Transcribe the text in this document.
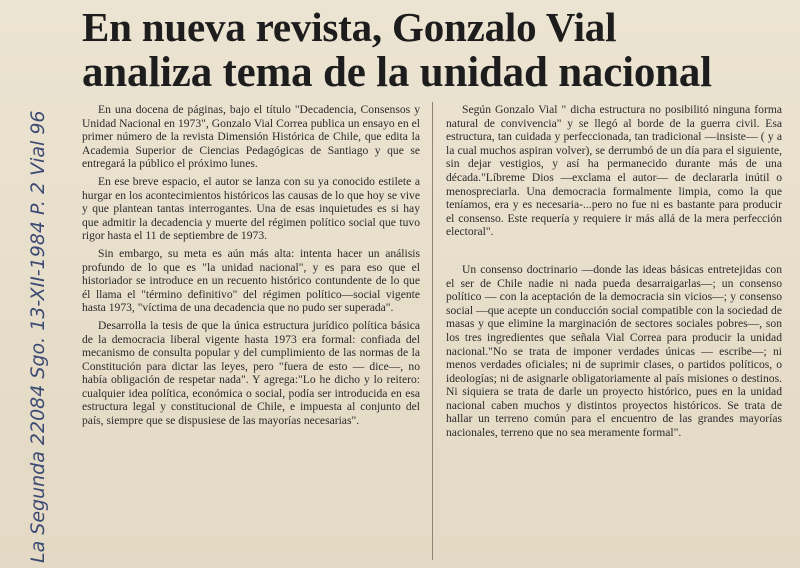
En nueva revista, Gonzalo Vial
analiza tema de la unidad nacional
La Segunda 22084 Sgo. 13-XII-1984 P. 2 Vial 96

En una docena de páginas, bajo el título "Decadencia, Consensos y Unidad Nacional en 1973", Gonzalo Vial Correa publica un ensayo en el primer número de la revista Dimensión Histórica de Chile, que edita la Academia Superior de Ciencias Pedagógicas de Santiago y que se entregará la público el próximo lunes.

En ese breve espacio, el autor se lanza con su ya conocido estilete a hurgar en los acontecimientos históricos las causas de lo que hoy se vive y que plantean tantas interrogantes. Una de esas inquietudes es si hay que admitir la decadencia y muerte del régimen político social que tuvo rigor hasta el 11 de septiembre de 1973.

Sin embargo, su meta es aún más alta: intenta hacer un análisis profundo de lo que es "la unidad nacional", y es para eso que el historiador se introduce en un recuento histórico contundente de lo que él llama el "término definitivo" del régimen político—social vigente hasta 1973, "víctima de una decadencia que no pudo ser superada".

Desarrolla la tesis de que la única estructura jurídico política básica de la democracia liberal vigente hasta 1973 era formal: confiada del mecanismo de consulta popular y del cumplimiento de las normas de la Constitución para dictar las leyes, pero "fuera de esto — dice—, no había obligación de respetar nada". Y agrega:"Lo he dicho y lo reitero: cualquier idea política, económica o social, podía ser introducida en esa estructura legal y constitucional de Chile, e impuesta al conjunto del país, siempre que se dispusiese de las mayorías necesarias".

Según Gonzalo Vial " dicha estructura no posibilitó ninguna forma natural de convivencia" y se llegó al borde de la guerra civil. Esa estructura, tan cuidada y perfeccionada, tan tradicional —insiste— ( y a la cual muchos aspiran volver), se derrumbó de un día para el siguiente, sin dejar vestigios, y así ha permanecido durante más de una década."Líbreme Dios —exclama el autor— de declararla inútil o menospreciarla. Una democracia formalmente limpia, como la que teníamos, era y es necesaria-...pero no fue ni es bastante para producir el consenso. Este requería y requiere ir más allá de la mera perfección electoral".

Un consenso doctrinario —donde las ideas básicas entretejidas con el ser de Chile nadie ni nada pueda desarraigarlas—; un consenso político — con la aceptación de la democracia sin vicios—; y consenso social —que acepte un conducción social compatible con la sociedad de masas y que elimine la marginación de sectores sociales pobres—, son los tres ingredientes que señala Vial Correa para producir la unidad nacional."No se trata de imponer verdades únicas — escribe—; ni menos verdades oficiales; ni de suprimir clases, o partidos políticos, o ideologías; ni de asignarle obligatoriamente al país misiones o destinos. Ni siquiera se trata de darle un proyecto histórico, pues en la unidad nacional caben muchos y distintos proyectos históricos. Se trata de hallar un terreno común para el encuentro de las grandes mayorías nacionales, terreno que no sea meramente formal".
